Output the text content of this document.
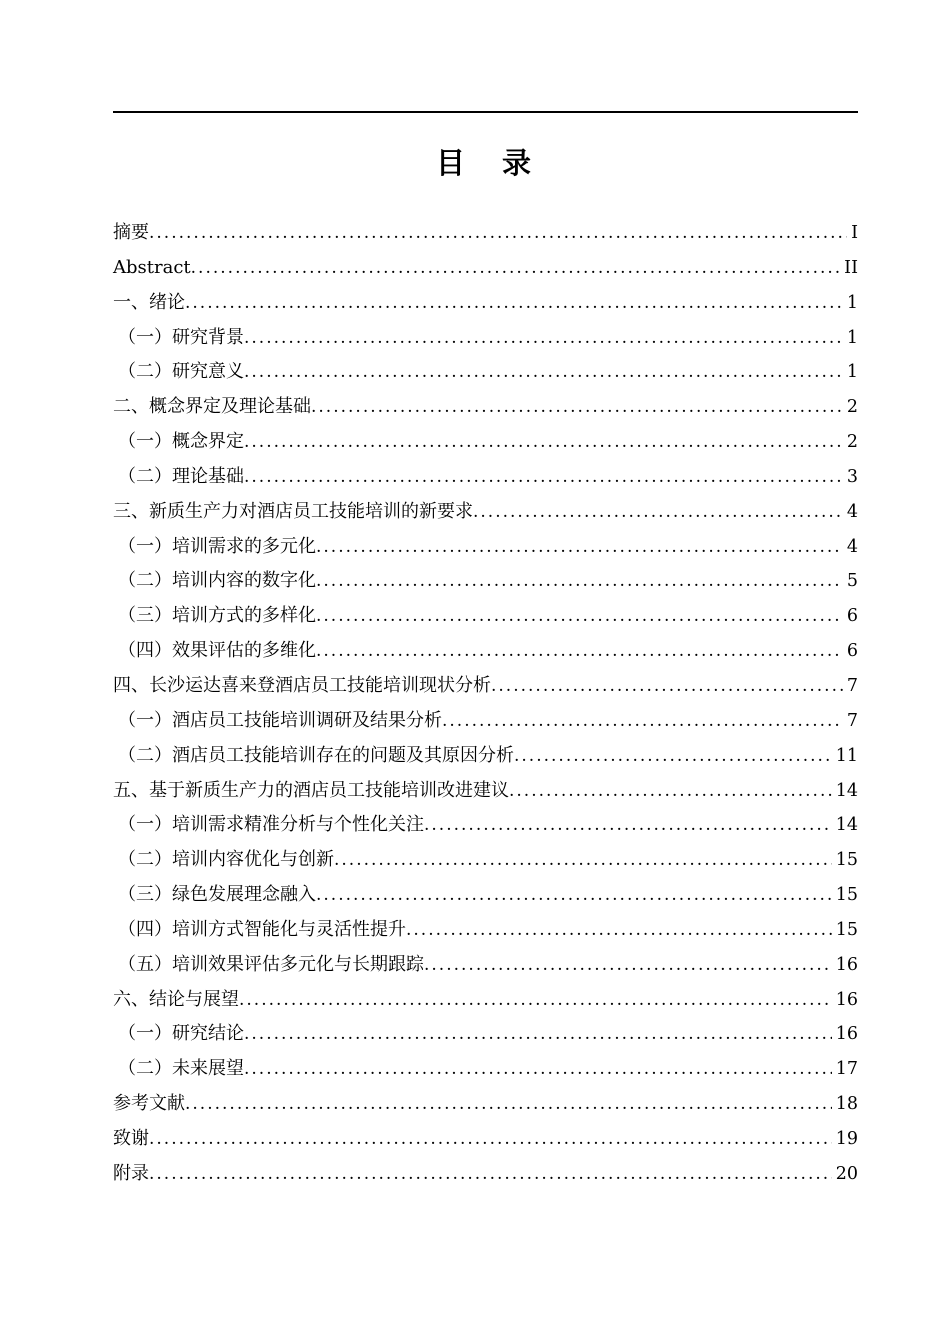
目　录
摘要 .....	I
Abstract .....	II
一、绪论 .....	1
（一）研究背景 .....	1
（二）研究意义 .....	1
二、概念界定及理论基础 .....	2
（一）概念界定 .....	2
（二）理论基础 .....	3
三、新质生产力对酒店员工技能培训的新要求 .....	4
（一）培训需求的多元化 .....	4
（二）培训内容的数字化 .....	5
（三）培训方式的多样化 .....	6
（四）效果评估的多维化 .....	6
四、长沙运达喜来登酒店员工技能培训现状分析 .....	7
（一）酒店员工技能培训调研及结果分析 .....	7
（二）酒店员工技能培训存在的问题及其原因分析 .....	11
五、基于新质生产力的酒店员工技能培训改进建议 .....	14
（一）培训需求精准分析与个性化关注 .....	14
（二）培训内容优化与创新 .....	15
（三）绿色发展理念融入 .....	15
（四）培训方式智能化与灵活性提升 .....	15
（五）培训效果评估多元化与长期跟踪 .....	16
六、结论与展望 .....	16
（一）研究结论 .....	16
（二）未来展望 .....	17
参考文献 .....	18
致谢 .....	19
附录 .....	20
